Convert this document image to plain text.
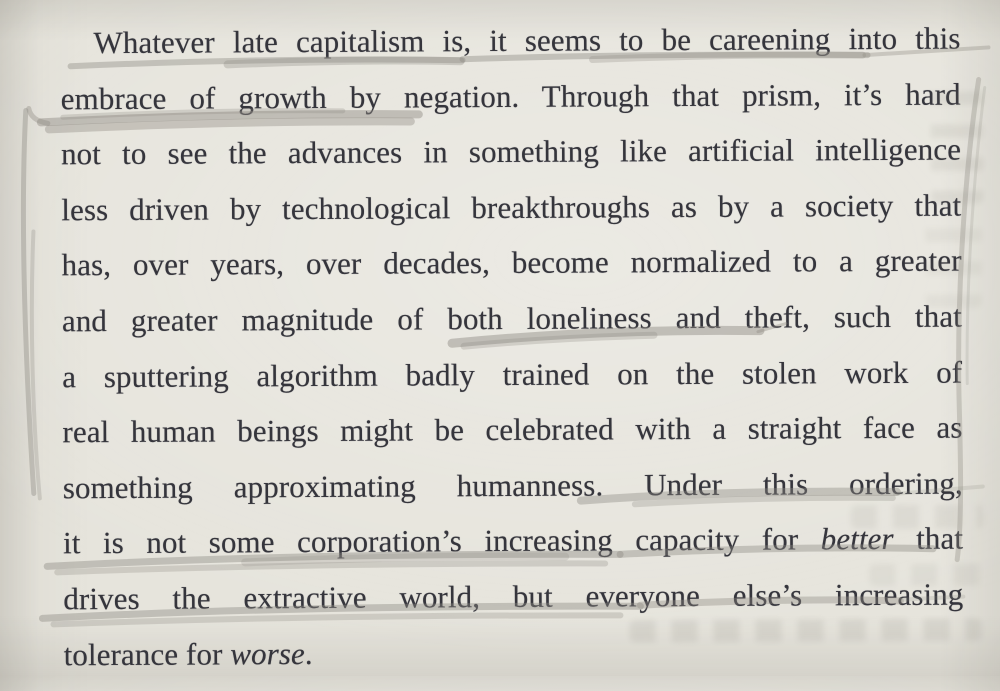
Whatever late capitalism is, it seems to be careening into this
embrace of growth by negation. Through that prism, it’s hard
not to see the advances in something like artificial intelligence
less driven by technological breakthroughs as by a society that
has, over years, over decades, become normalized to a greater
and greater magnitude of both loneliness and theft, such that
a sputtering algorithm badly trained on the stolen work of
real human beings might be celebrated with a straight face as
something approximating humanness. Under this ordering,
it is not some corporation’s increasing capacity for better that
drives the extractive world, but everyone else’s increasing
tolerance for worse.
